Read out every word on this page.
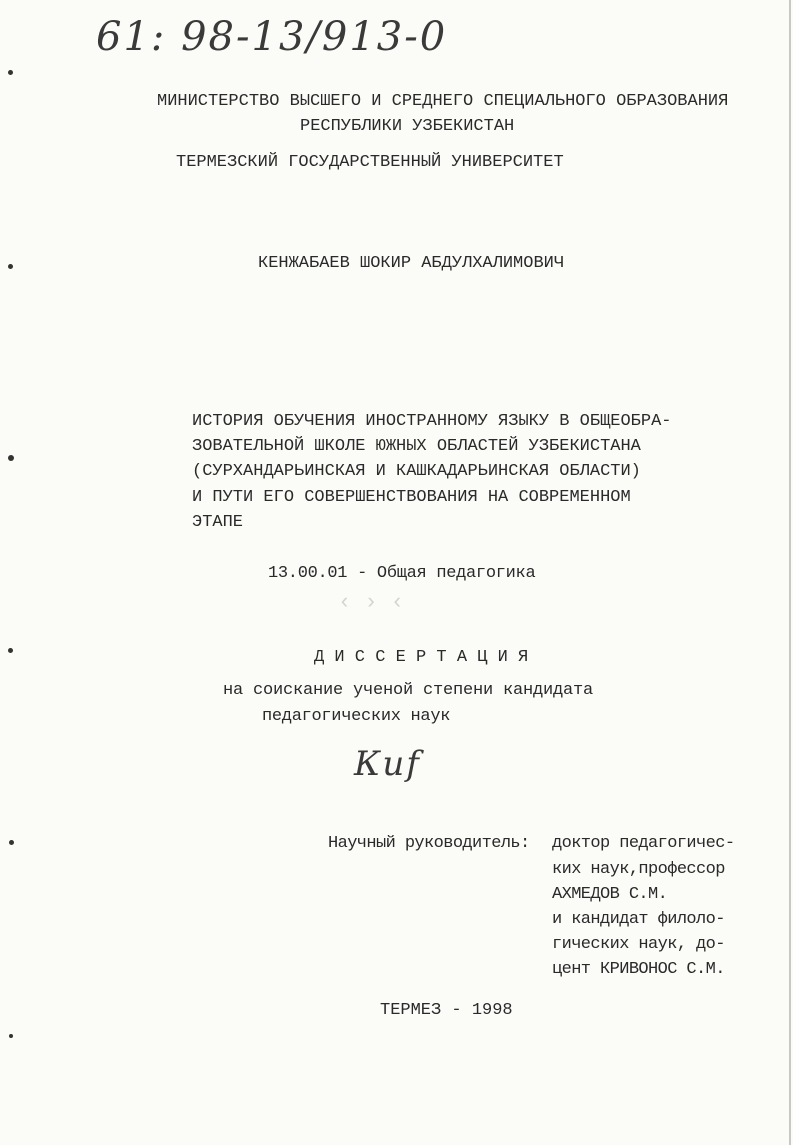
61: 98-13/913-0
МИНИСТЕРСТВО ВЫСШЕГО И СРЕДНЕГО СПЕЦИАЛЬНОГО ОБРАЗОВАНИЯ
РЕСПУБЛИКИ УЗБЕКИСТАН
ТЕРМЕЗСКИЙ ГОСУДАРСТВЕННЫЙ УНИВЕРСИТЕТ
КЕНЖАБАЕВ ШОКИР АБДУЛХАЛИМОВИЧ
ИСТОРИЯ ОБУЧЕНИЯ ИНОСТРАННОМУ ЯЗЫКУ В ОБЩЕОБРА-
ЗОВАТЕЛЬНОЙ ШКОЛЕ ЮЖНЫХ ОБЛАСТЕЙ УЗБЕКИСТАНА
(СУРХАНДАРЬИНСКАЯ И КАШКАДАРЬИНСКАЯ ОБЛАСТИ)
И ПУТИ ЕГО СОВЕРШЕНСТВОВАНИЯ НА СОВРЕМЕННОМ
ЭТАПЕ
13.00.01 - Общая педагогика
Д И С С Е Р Т А Ц И Я
на соискание ученой степени кандидата
педагогических наук
Киf
Научный руководитель: доктор педагогичес-
ких наук,профессор
АХМЕДОВ С.М.
и кандидат филоло-
гических наук, до-
цент КРИВОНОС С.М.
ТЕРМЕЗ - 1998
‹ › ‹
